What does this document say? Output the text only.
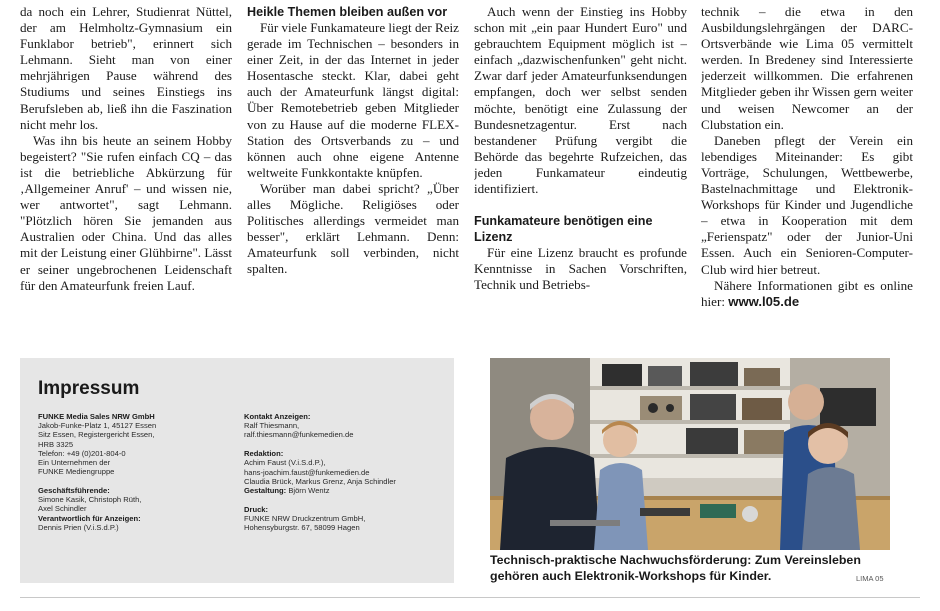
da noch ein Lehrer, Studienrat Nüttel, der am Helmholtz-Gymnasium ein Funklabor betrieb", erinnert sich Lehmann. Sieht man von einer mehrjährigen Pause während des Studiums und seines Einstiegs ins Berufsleben ab, ließ ihn die Faszination nicht mehr los.

Was ihn bis heute an seinem Hobby begeistert? "Sie rufen einfach CQ – das ist die betriebliche Abkürzung für ‚Allgemeiner Anruf' – und wissen nie, wer antwortet", sagt Lehmann. "Plötzlich hören Sie jemanden aus Australien oder China. Und das alles mit der Leistung einer Glühbirne". Lässt er seiner ungebrochenen Leidenschaft für den Amateurfunk freien Lauf.

Heikle Themen bleiben außen vor

Für viele Funkamateure liegt der Reiz gerade im Technischen – besonders in einer Zeit, in der das Internet in jeder Hosentasche steckt. Klar, dabei geht auch der Amateurfunk längst digital: Über Remotebetrieb geben Mitglieder von zu Hause auf die moderne FLEX-Station des Ortsverbands zu – und können auch ohne eigene Antenne weltweite Funkkontakte knüpfen.

Worüber man dabei spricht? „Über alles Mögliche. Religiöses oder Politisches allerdings vermeidet man besser", erklärt Lehmann. Denn: Amateurfunk soll verbinden, nicht spalten.

Auch wenn der Einstieg ins Hobby schon mit „ein paar Hundert Euro" und gebrauchtem Equipment möglich ist – einfach „dazwischenfunken" geht nicht. Zwar darf jeder Amateurfunksendungen empfangen, doch wer selbst senden möchte, benötigt eine Zulassung der Bundesnetzagentur. Erst nach bestandener Prüfung vergibt die Behörde das begehrte Rufzeichen, das jeden Funkamateur eindeutig identifiziert.

Funkamateure benötigen eine Lizenz

Für eine Lizenz braucht es profunde Kenntnisse in Sachen Vorschriften, Technik und Betriebs-

technik – die etwa in den Ausbildungslehrgängen der DARC-Ortsverbände wie Lima 05 vermittelt werden. In Bredeney sind Interessierte jederzeit willkommen. Die erfahrenen Mitglieder geben ihr Wissen gern weiter und weisen Newcomer an der Clubstation ein.

Daneben pflegt der Verein ein lebendiges Miteinander: Es gibt Vorträge, Schulungen, Wettbewerbe, Bastelnachmittage und Elektronik-Workshops für Kinder und Jugendliche – etwa in Kooperation mit dem „Ferienspatz" oder der Junior-Uni Essen. Auch ein Senioren-Computer-Club wird hier betreut.

Nähere Informationen gibt es online hier: www.l05.de

Impressum
FUNKE Media Sales NRW GmbH
Jakob-Funke-Platz 1, 45127 Essen
Sitz Essen, Registergericht Essen,
HRB 3325
Telefon: +49 (0)201-804-0
Ein Unternehmen der
FUNKE Mediengruppe
Geschäftsführende:
Simone Kasik, Christoph Rüth,
Axel Schindler
Verantwortlich für Anzeigen:
Dennis Prien (V.i.S.d.P.)
Kontakt Anzeigen:
Ralf Thiesmann,
ralf.thiesmann@funkemedien.de
Redaktion:
Achim Faust (V.i.S.d.P.),
hans-joachim.faust@funkemedien.de
Claudia Brück, Markus Grenz, Anja Schindler
Gestaltung: Björn Wentz
Druck:
FUNKE NRW Druckzentrum GmbH,
Hohensyburgstr. 67, 58099 Hagen
Technisch-praktische Nachwuchsförderung: Zum Vereinsleben gehören auch Elektronik-Workshops für Kinder.	LIMA 05
